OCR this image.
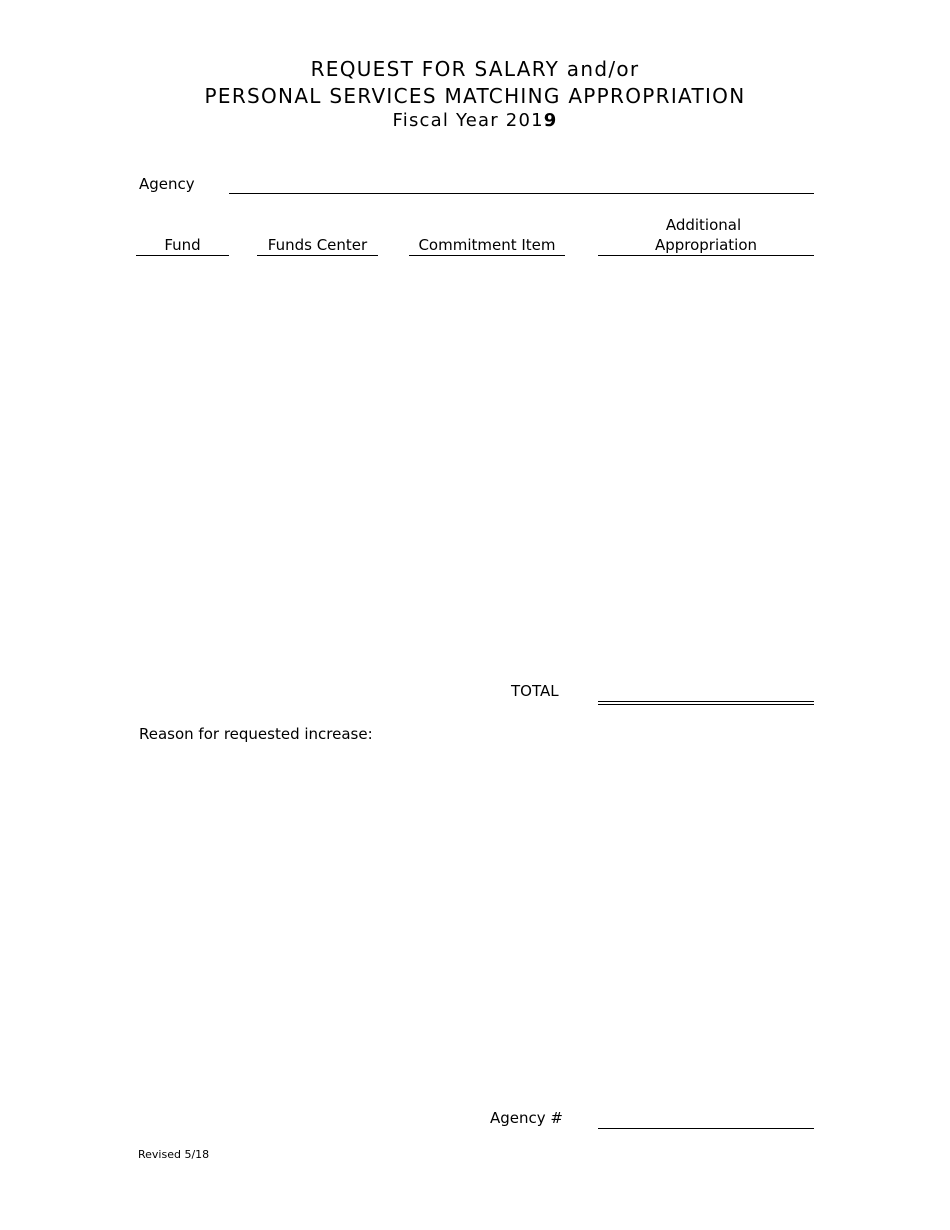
REQUEST FOR SALARY and/or
PERSONAL SERVICES MATCHING APPROPRIATION
Fiscal Year 2019
Agency
Fund	Funds Center	Commitment Item
Additional
Appropriation
TOTAL
Reason for requested increase:
Agency #
Revised 5/18
